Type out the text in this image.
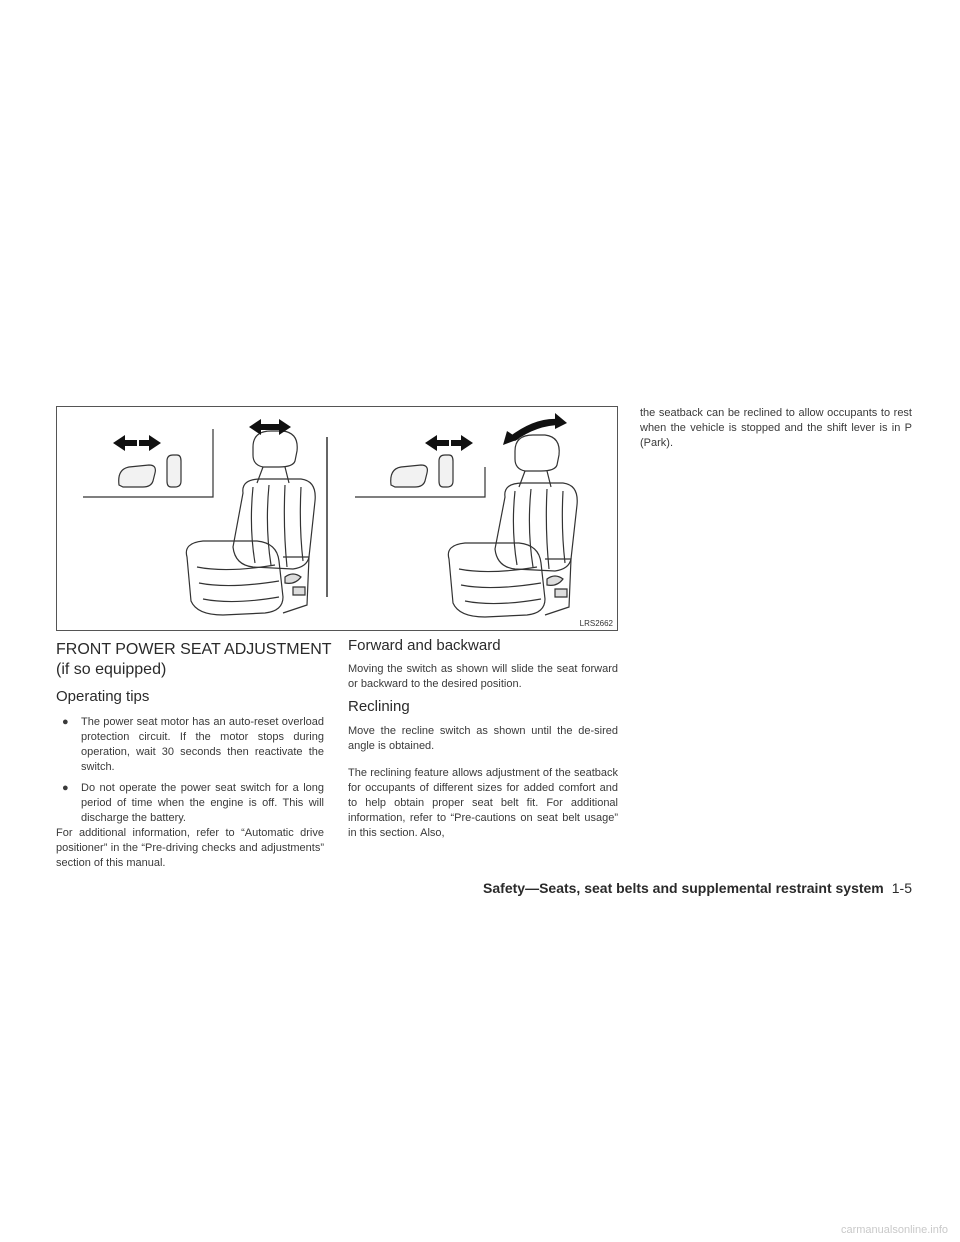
LRS2662
FRONT POWER SEAT ADJUSTMENT
(if so equipped)
Operating tips
● The power seat motor has an auto-reset overload protection circuit. If the motor stops during operation, wait 30 seconds then reactivate the switch.
● Do not operate the power seat switch for a long period of time when the engine is off. This will discharge the battery.

For additional information, refer to “Automatic drive positioner” in the “Pre-driving checks and adjustments” section of this manual.

Forward and backward

Moving the switch as shown will slide the seat forward or backward to the desired position.

Reclining

Move the recline switch as shown until the de-sired angle is obtained.

The reclining feature allows adjustment of the seatback for occupants of different sizes for added comfort and to help obtain proper seat belt fit. For additional information, refer to “Pre-cautions on seat belt usage” in this section. Also,

the seatback can be reclined to allow occupants to rest when the vehicle is stopped and the shift lever is in P (Park).

Safety—Seats, seat belts and supplemental restraint system 1-5
carmanualsonline.info
